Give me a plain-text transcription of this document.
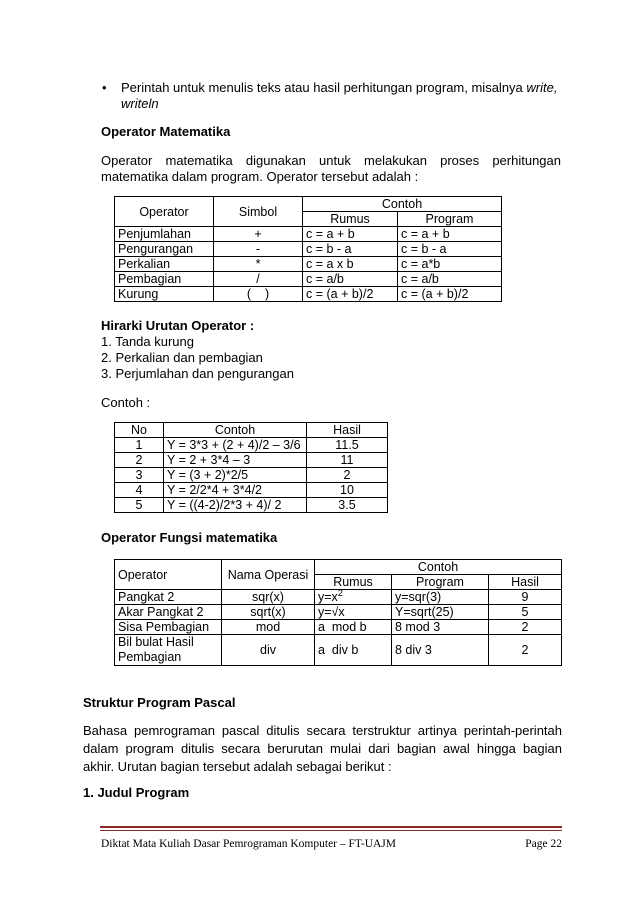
• Perintah untuk menulis teks atau hasil perhitungan program, misalnya write,
writeln
Operator Matematika
Operator matematika digunakan untuk melakukan proses perhitungan matematika dalam program. Operator tersebut adalah :
Operator	Simbol	Contoh	
		Rumus	Program
Penjumlahan	+	c = a + b	c = a + b
Pengurangan	-	c = b - a	c = b - a
Perkalian	*	c = a x b	c = a*b
Pembagian	/	c = a/b	c = a/b
Kurung	(    )	c = (a + b)/2	c = (a + b)/2
Hirarki Urutan Operator :
1. Tanda kurung
2. Perkalian dan pembagian
3. Perjumlahan dan pengurangan
Contoh :
No	Contoh	Hasil
1	Y = 3*3 + (2 + 4)/2 – 3/6	11.5
2	Y = 2 + 3*4 – 3	11
3	Y = (3 + 2)*2/5	2
4	Y = 2/2*4 + 3*4/2	10
5	Y = ((4-2)/2*3 + 4)/ 2	3.5
Operator Fungsi matematika
Operator	Nama Operasi	Contoh		
		Rumus	Program	Hasil
Pangkat 2	sqr(x)	$y=x^2$	y=sqr(3)	9
Akar Pangkat 2	sqrt(x)	y=√x	Y=sqrt(25)	5
Sisa Pembagian	mod	a  mod b	8 mod 3	2
Bil bulat Hasil
Pembagian	div	a  div b	8 div 3	2
Struktur Program Pascal
Bahasa pemrograman pascal ditulis secara terstruktur artinya perintah-perintah dalam program ditulis secara berurutan mulai dari bagian awal hingga bagian akhir. Urutan bagian tersebut adalah sebagai berikut :
1. Judul Program
Diktat Mata Kuliah Dasar Pemrograman Komputer – FT-UAJM	Page 22
